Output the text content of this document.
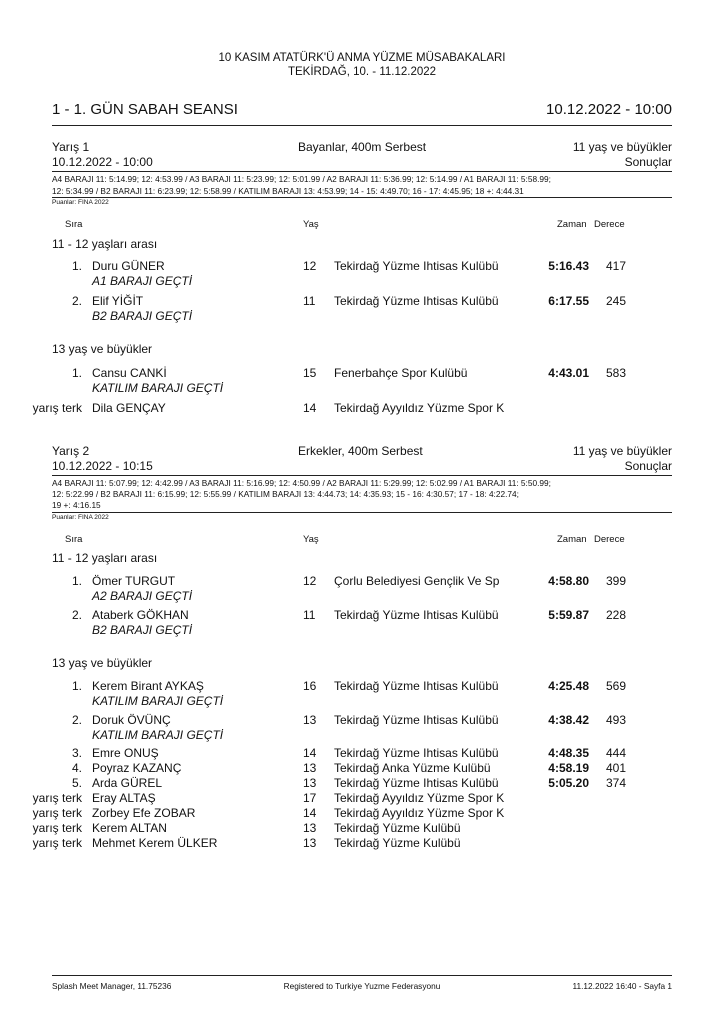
10 KASIM ATATÜRK'Ü ANMA YÜZME MÜSABAKALARI
TEKİRDAĞ, 10. - 11.12.2022
1 - 1. GÜN SABAH SEANSI	10.12.2022 - 10:00
Yarış 1	Bayanlar, 400m Serbest	11 yaş ve büyükler
10.12.2022 - 10:00	Sonuçlar
A4 BARAJI 11: 5:14.99; 12: 4:53.99 / A3 BARAJI 11: 5:23.99; 12: 5:01.99 / A2 BARAJI 11: 5:36.99; 12: 5:14.99 / A1 BARAJI 11: 5:58.99;
12: 5:34.99 / B2 BARAJI 11: 6:23.99; 12: 5:58.99 / KATILIM BARAJI 13: 4:53.99; 14 - 15: 4:49.70; 16 - 17: 4:45.95; 18 +: 4:44.31
Puanlar: FINA 2022
Sıra	Yaş	Zaman Derece
11 - 12 yaşları arası
1. Duru GÜNER	12 Tekirdağ Yüzme Ihtisas Kulübü	5:16.43 417
A1 BARAJI GEÇTİ
2. Elif YİĞİT	11 Tekirdağ Yüzme Ihtisas Kulübü	6:17.55 245
B2 BARAJI GEÇTİ
13 yaş ve büyükler
1. Cansu CANKİ	15 Fenerbahçe Spor Kulübü	4:43.01 583
KATILIM BARAJI GEÇTİ
yarış terk Dila GENÇAY	14 Tekirdağ Ayyıldız Yüzme Spor K
Yarış 2	Erkekler, 400m Serbest	11 yaş ve büyükler
10.12.2022 - 10:15	Sonuçlar
A4 BARAJI 11: 5:07.99; 12: 4:42.99 / A3 BARAJI 11: 5:16.99; 12: 4:50.99 / A2 BARAJI 11: 5:29.99; 12: 5:02.99 / A1 BARAJI 11: 5:50.99;
12: 5:22.99 / B2 BARAJI 11: 6:15.99; 12: 5:55.99 / KATILIM BARAJI 13: 4:44.73; 14: 4:35.93; 15 - 16: 4:30.57; 17 - 18: 4:22.74;
19 +: 4:16.15
Puanlar: FINA 2022
Sıra	Yaş	Zaman Derece
11 - 12 yaşları arası
1. Ömer TURGUT	12 Çorlu Belediyesi Gençlik Ve Sp	4:58.80 399
A2 BARAJI GEÇTİ
2. Ataberk GÖKHAN	11 Tekirdağ Yüzme Ihtisas Kulübü	5:59.87 228
B2 BARAJI GEÇTİ
13 yaş ve büyükler
1. Kerem Birant AYKAŞ	16 Tekirdağ Yüzme Ihtisas Kulübü	4:25.48 569
KATILIM BARAJI GEÇTİ
2. Doruk ÖVÜNÇ	13 Tekirdağ Yüzme Ihtisas Kulübü	4:38.42 493
KATILIM BARAJI GEÇTİ
3. Emre ONUŞ	14 Tekirdağ Yüzme Ihtisas Kulübü	4:48.35 444
4. Poyraz KAZANÇ	13 Tekirdağ Anka Yüzme Kulübü	4:58.19 401
5. Arda GÜREL	13 Tekirdağ Yüzme Ihtisas Kulübü	5:05.20 374
yarış terk Eray ALTAŞ	17 Tekirdağ Ayyıldız Yüzme Spor K
yarış terk Zorbey Efe ZOBAR	14 Tekirdağ Ayyıldız Yüzme Spor K
yarış terk Kerem ALTAN	13 Tekirdağ Yüzme Kulübü
yarış terk Mehmet Kerem ÜLKER	13 Tekirdağ Yüzme Kulübü
Splash Meet Manager, 11.75236	Registered to Turkiye Yuzme Federasyonu	11.12.2022 16:40 - Sayfa 1
